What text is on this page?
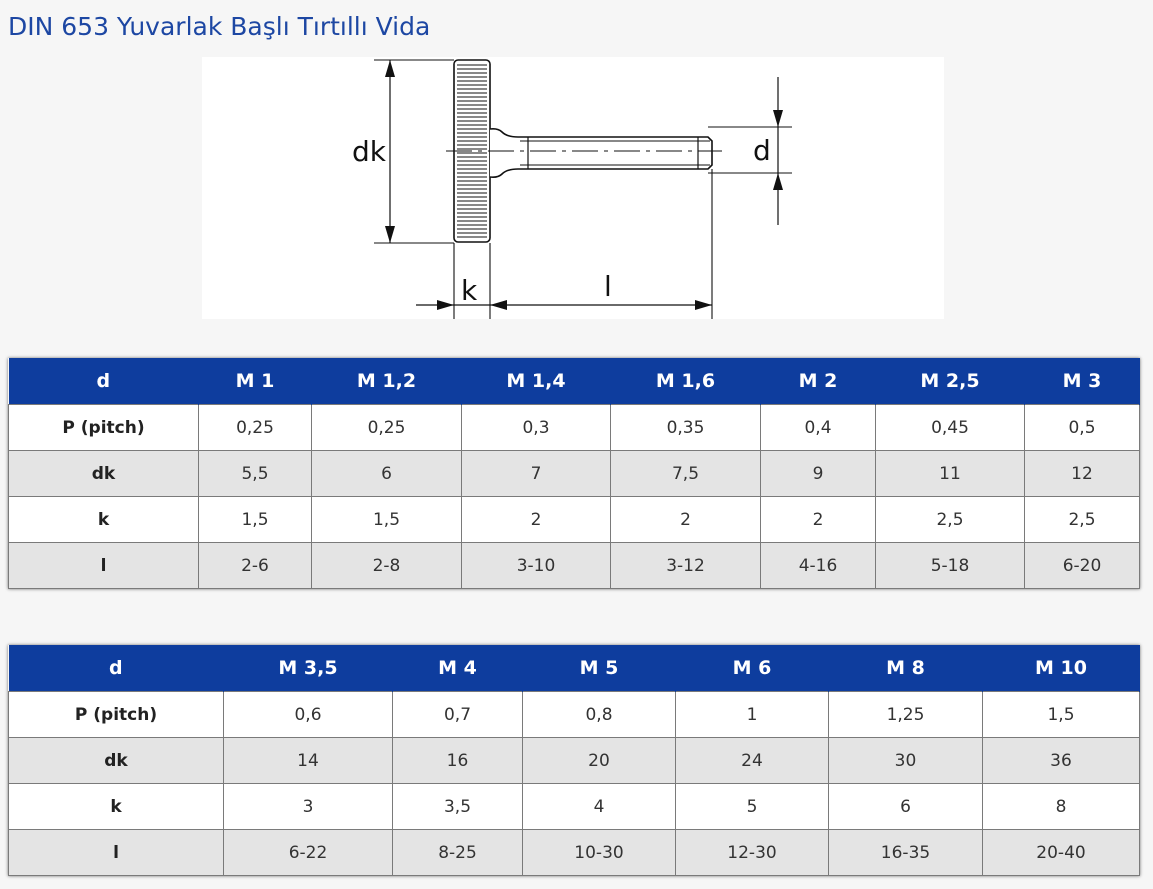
DIN 653 Yuvarlak Başlı Tırtıllı Vida
dk	d
k	l
d	M 1	M 1,2	M 1,4	M 1,6	M 2	M 2,5	M 3
P (pitch)	0,25	0,25	0,3	0,35	0,4	0,45	0,5
dk	5,5	6	7	7,5	9	11	12
k	1,5	1,5	2	2	2	2,5	2,5
l	2-6	2-8	3-10	3-12	4-16	5-18	6-20
d	M 3,5	M 4	M 5	M 6	M 8	M 10
P (pitch)	0,6	0,7	0,8	1	1,25	1,5
dk	14	16	20	24	30	36
k	3	3,5	4	5	6	8
l	6-22	8-25	10-30	12-30	16-35	20-40
